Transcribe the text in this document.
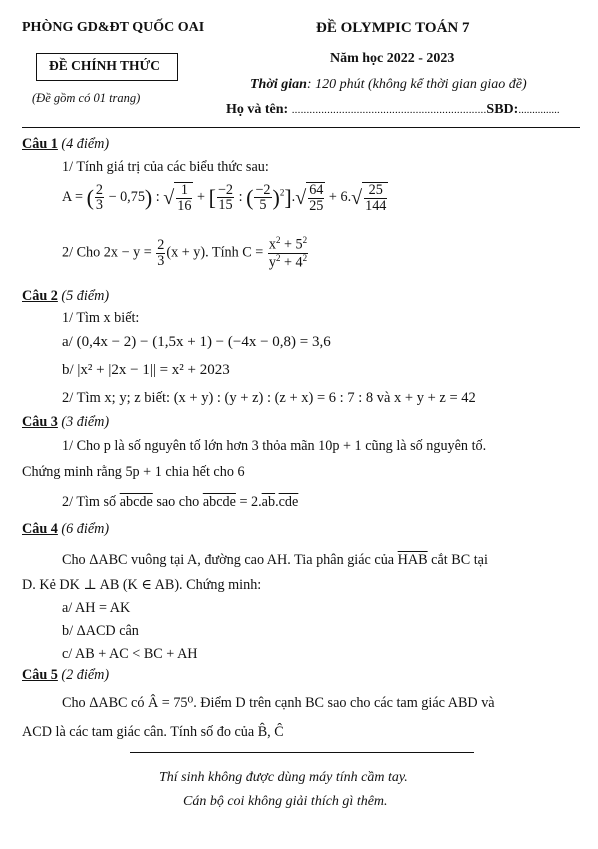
PHÒNG GD&ĐT QUỐC OAI
ĐỀ CHÍNH THỨC
(Đề gồm có 01 trang)
ĐỀ OLYMPIC TOÁN 7
Năm học 2022 - 2023
Thời gian: 120 phút (không kể thời gian giao đề)
Họ và tên: ..................................................................SBD:...............
Câu 1 (4 điểm)
1/ Tính giá trị của các biểu thức sau:
A = ( $\frac{2}{3} - 0,75$) : √ $\frac{1}{16}$ + [ $\frac{-2}{15}$ : ( $\frac{-2}{5} )^2].√ \frac{64}{25} + 6.√ \frac{25}{144}$
2/ Cho $2x - y = \frac{2}{3} (x + y)$. Tính $C = \frac{x^2 + 5^2}{y^2 + 4^2}$
Câu 2 (5 điểm)
1/ Tìm x biết:
a/ (0,4x − 2) − (1,5x + 1) − (−4x − 0,8) = 3,6
b/ |x² + |2x − 1|| = x² + 2023
2/ Tìm x; y; z biết: (x + y) : (y + z) : (z + x) = 6 : 7 : 8 và x + y + z = 42
Câu 3 (3 điểm)
1/ Cho p là số nguyên tố lớn hơn 3 thỏa mãn 10p + 1 cũng là số nguyên tố.
Chứng minh rằng 5p + 1 chia hết cho 6
2/ Tìm số abcde sao cho abcde = $2.\overline{ab}.\overline{cde}$
Câu 4 (6 điểm)
Cho ΔABC vuông tại A, đường cao AH. Tia phân giác của $\overline{HAB}$ cắt BC tại
D. Kẻ DK ⊥ AB (K ∈ AB). Chứng minh:
a/ AH = AK
b/ ΔACD cân
c/ AB + AC < BC + AH
Câu 5 (2 điểm)
Cho ΔABC có Â = 75⁰. Điểm D trên cạnh BC sao cho các tam giác ABD và
ACD là các tam giác cân. Tính số đo của B̂, Ĉ
Thí sinh không được dùng máy tính cầm tay.
Cán bộ coi không giải thích gì thêm.
